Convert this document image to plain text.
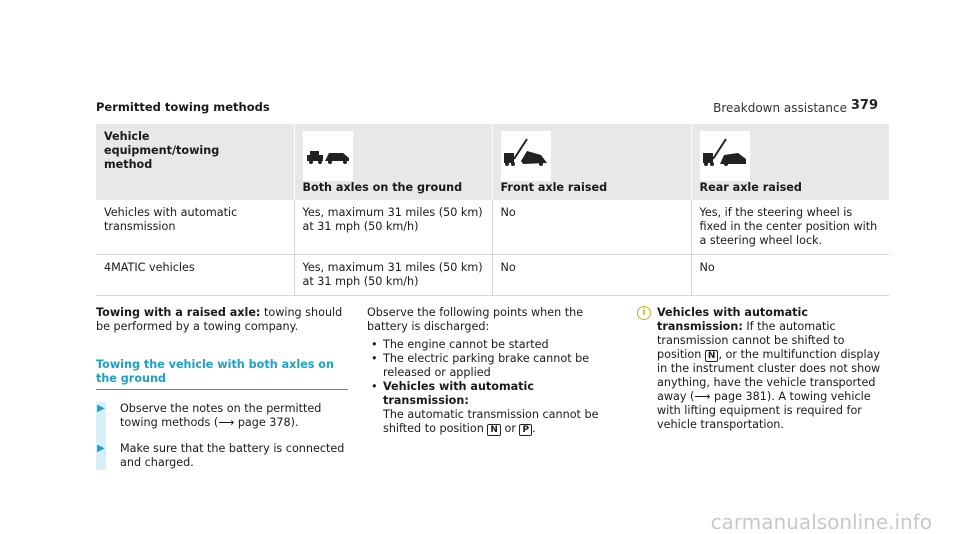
Breakdown assistance 379
Permitted towing methods
Vehicle equipment/towing method	Both axles on the ground	Front axle raised	Rear axle raised

Vehicles with automatic transmission	Yes, maximum 31 miles (50 km) at 31 mph (50 km/h)	No	Yes, if the steering wheel is fixed in the center position with a steering wheel lock.
4MATIC vehicles	Yes, maximum 31 miles (50 km) at 31 mph (50 km/h)	No	No
Towing with a raised axle: towing should be performed by a towing company.
Towing the vehicle with both axles on the ground
▶ Observe the notes on the permitted towing methods (⟶ page 378).
▶ Make sure that the battery is connected and charged.
Observe the following points when the battery is discharged:
• The engine cannot be started
• The electric parking brake cannot be released or applied
• Vehicles with automatic transmission:
The automatic transmission cannot be shifted to position N or P .
i	Vehicles with automatic transmission: If the automatic transmission cannot be shifted to position N , or the multifunction display in the instrument cluster does not show anything, have the vehicle transported away (⟶ page 381). A towing vehicle with lifting equipment is required for vehicle transportation.
carmanualsonline.info
